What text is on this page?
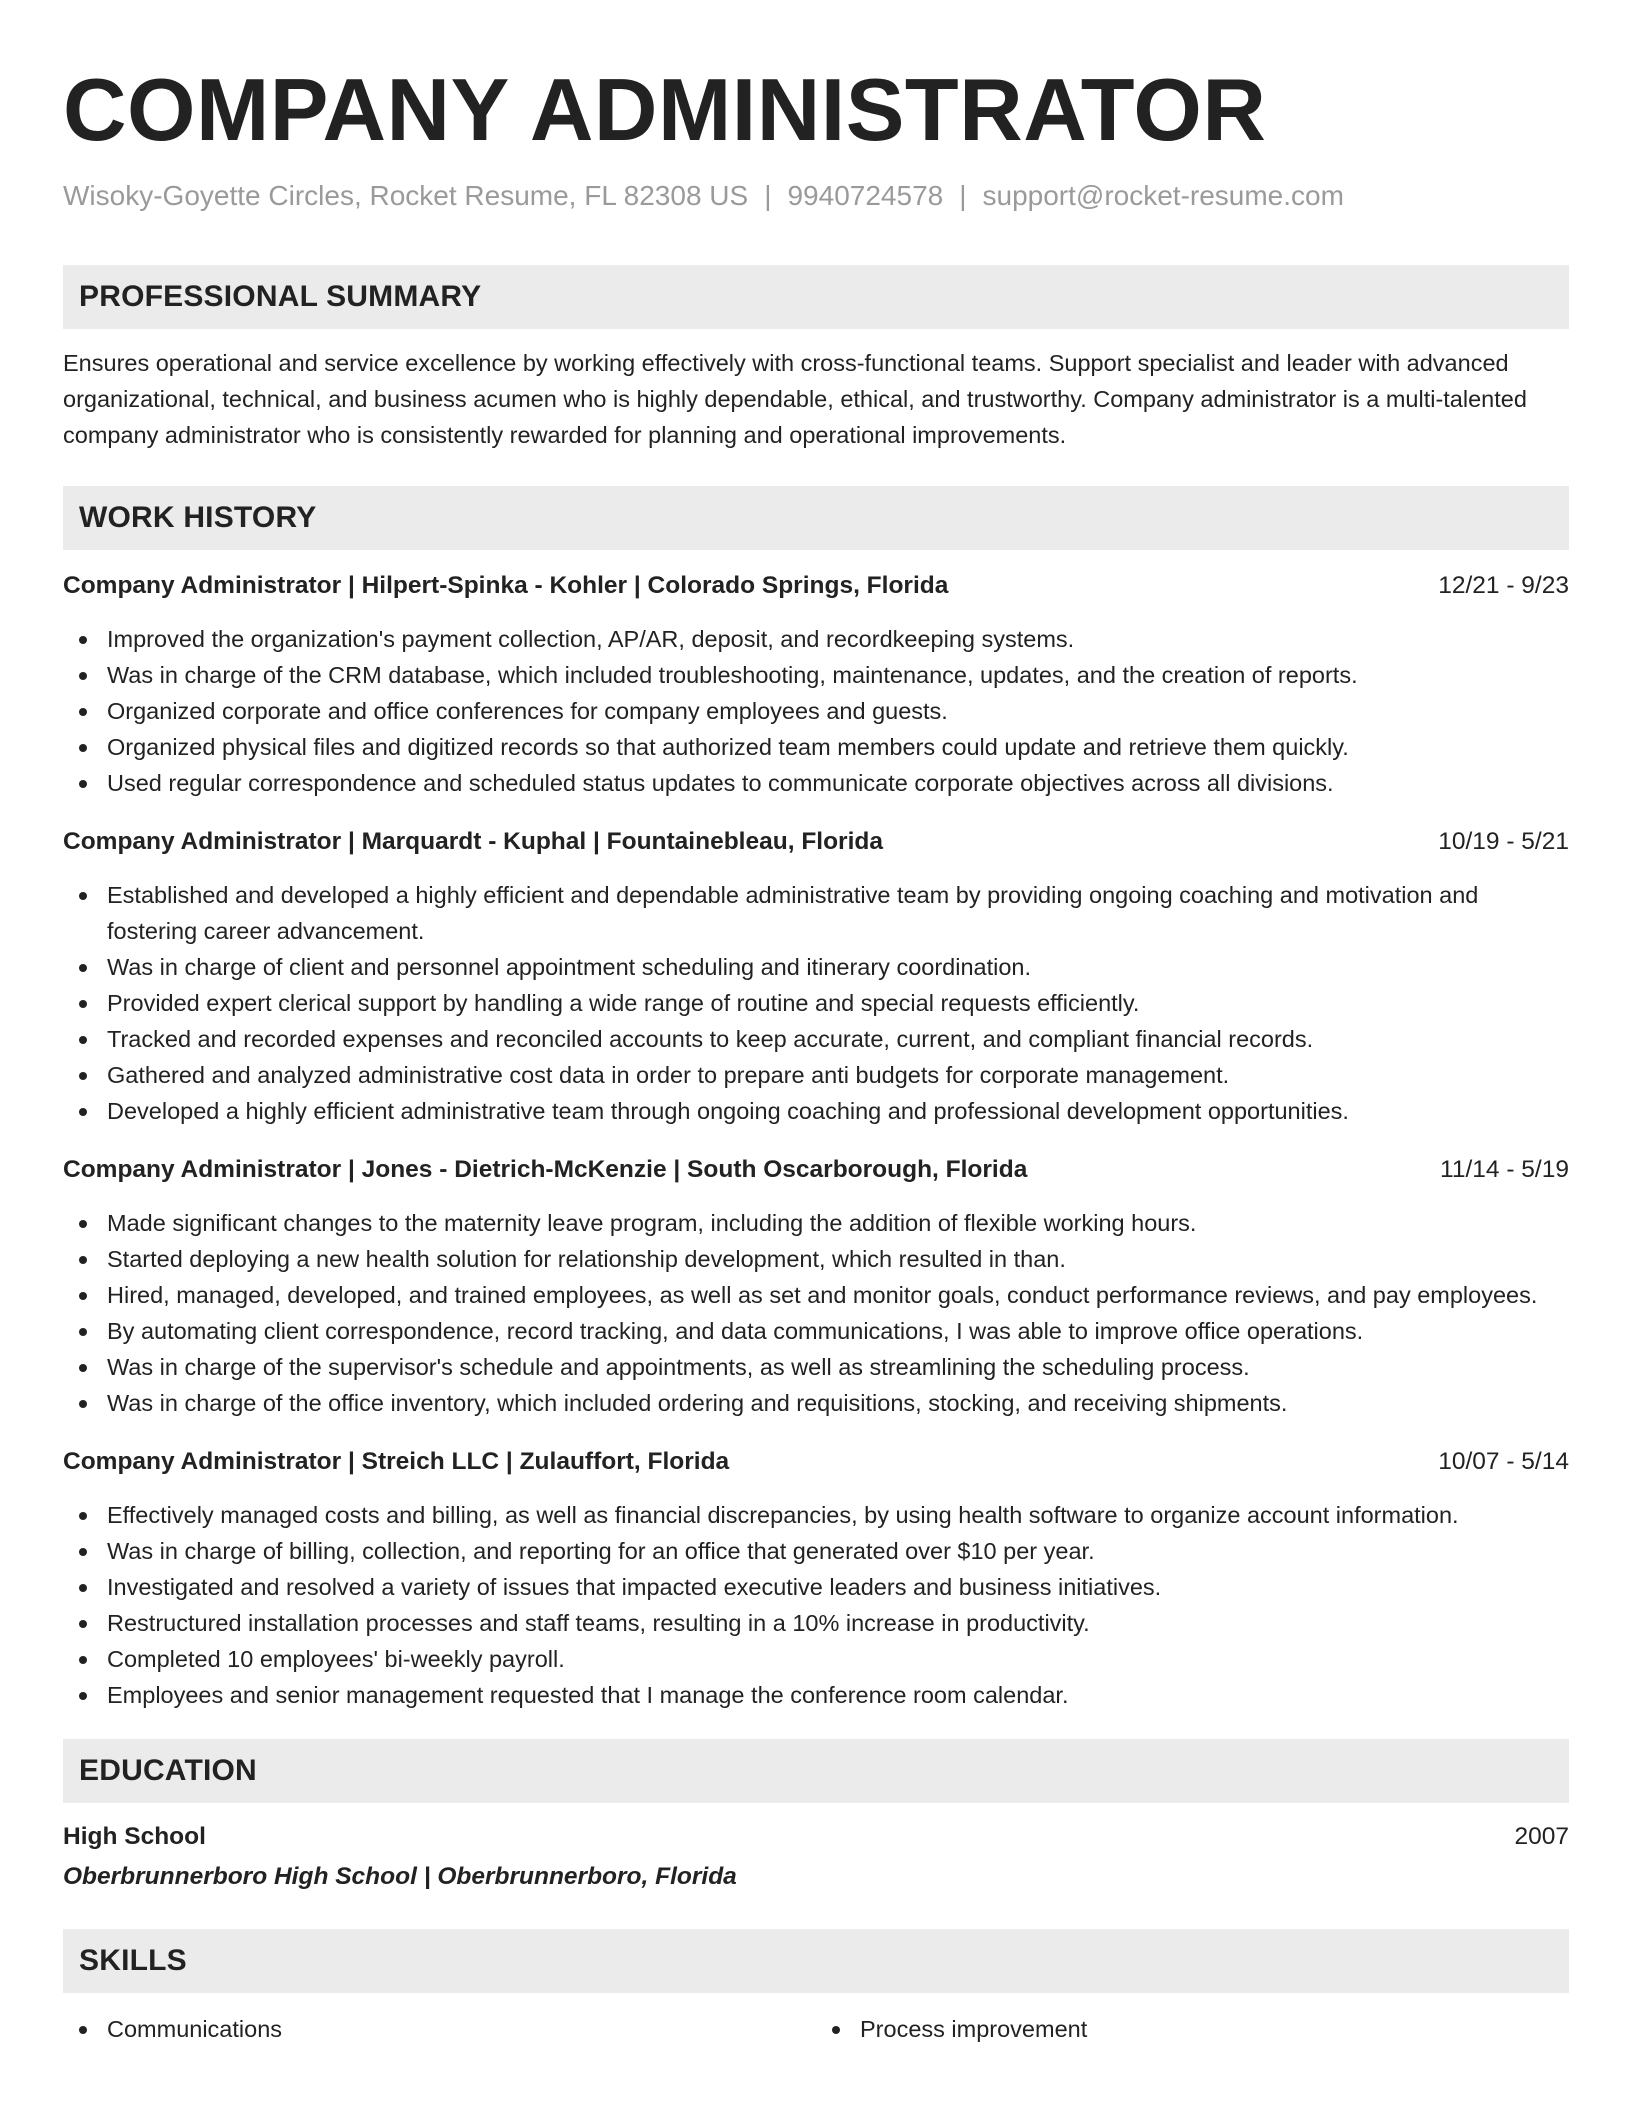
COMPANY ADMINISTRATOR
Wisoky-Goyette Circles, Rocket Resume, FL 82308 US | 9940724578 | support@rocket-resume.com
PROFESSIONAL SUMMARY

Ensures operational and service excellence by working effectively with cross-functional teams. Support specialist and leader with advanced organizational, technical, and business acumen who is highly dependable, ethical, and trustworthy. Company administrator is a multi-talented company administrator who is consistently rewarded for planning and operational improvements.

WORK HISTORY
Company Administrator | Hilpert-Spinka - Kohler | Colorado Springs, Florida	12/21 - 9/23
Improved the organization's payment collection, AP/AR, deposit, and recordkeeping systems.
Was in charge of the CRM database, which included troubleshooting, maintenance, updates, and the creation of reports.
Organized corporate and office conferences for company employees and guests.
Organized physical files and digitized records so that authorized team members could update and retrieve them quickly.
Used regular correspondence and scheduled status updates to communicate corporate objectives across all divisions.
Company Administrator | Marquardt - Kuphal | Fountainebleau, Florida	10/19 - 5/21
Established and developed a highly efficient and dependable administrative team by providing ongoing coaching and motivation and fostering career advancement.
Was in charge of client and personnel appointment scheduling and itinerary coordination.
Provided expert clerical support by handling a wide range of routine and special requests efficiently.
Tracked and recorded expenses and reconciled accounts to keep accurate, current, and compliant financial records.
Gathered and analyzed administrative cost data in order to prepare anti budgets for corporate management.
Developed a highly efficient administrative team through ongoing coaching and professional development opportunities.
Company Administrator | Jones - Dietrich-McKenzie | South Oscarborough, Florida	11/14 - 5/19
Made significant changes to the maternity leave program, including the addition of flexible working hours.
Started deploying a new health solution for relationship development, which resulted in than.
Hired, managed, developed, and trained employees, as well as set and monitor goals, conduct performance reviews, and pay employees.
By automating client correspondence, record tracking, and data communications, I was able to improve office operations.
Was in charge of the supervisor's schedule and appointments, as well as streamlining the scheduling process.
Was in charge of the office inventory, which included ordering and requisitions, stocking, and receiving shipments.
Company Administrator | Streich LLC | Zulauffort, Florida	10/07 - 5/14
Effectively managed costs and billing, as well as financial discrepancies, by using health software to organize account information.
Was in charge of billing, collection, and reporting for an office that generated over $10 per year.
Investigated and resolved a variety of issues that impacted executive leaders and business initiatives.
Restructured installation processes and staff teams, resulting in a 10% increase in productivity.
Completed 10 employees' bi-weekly payroll.
Employees and senior management requested that I manage the conference room calendar.
EDUCATION
High School	2007
Oberbrunnerboro High School | Oberbrunnerboro, Florida
SKILLS
Communications	Process improvement
